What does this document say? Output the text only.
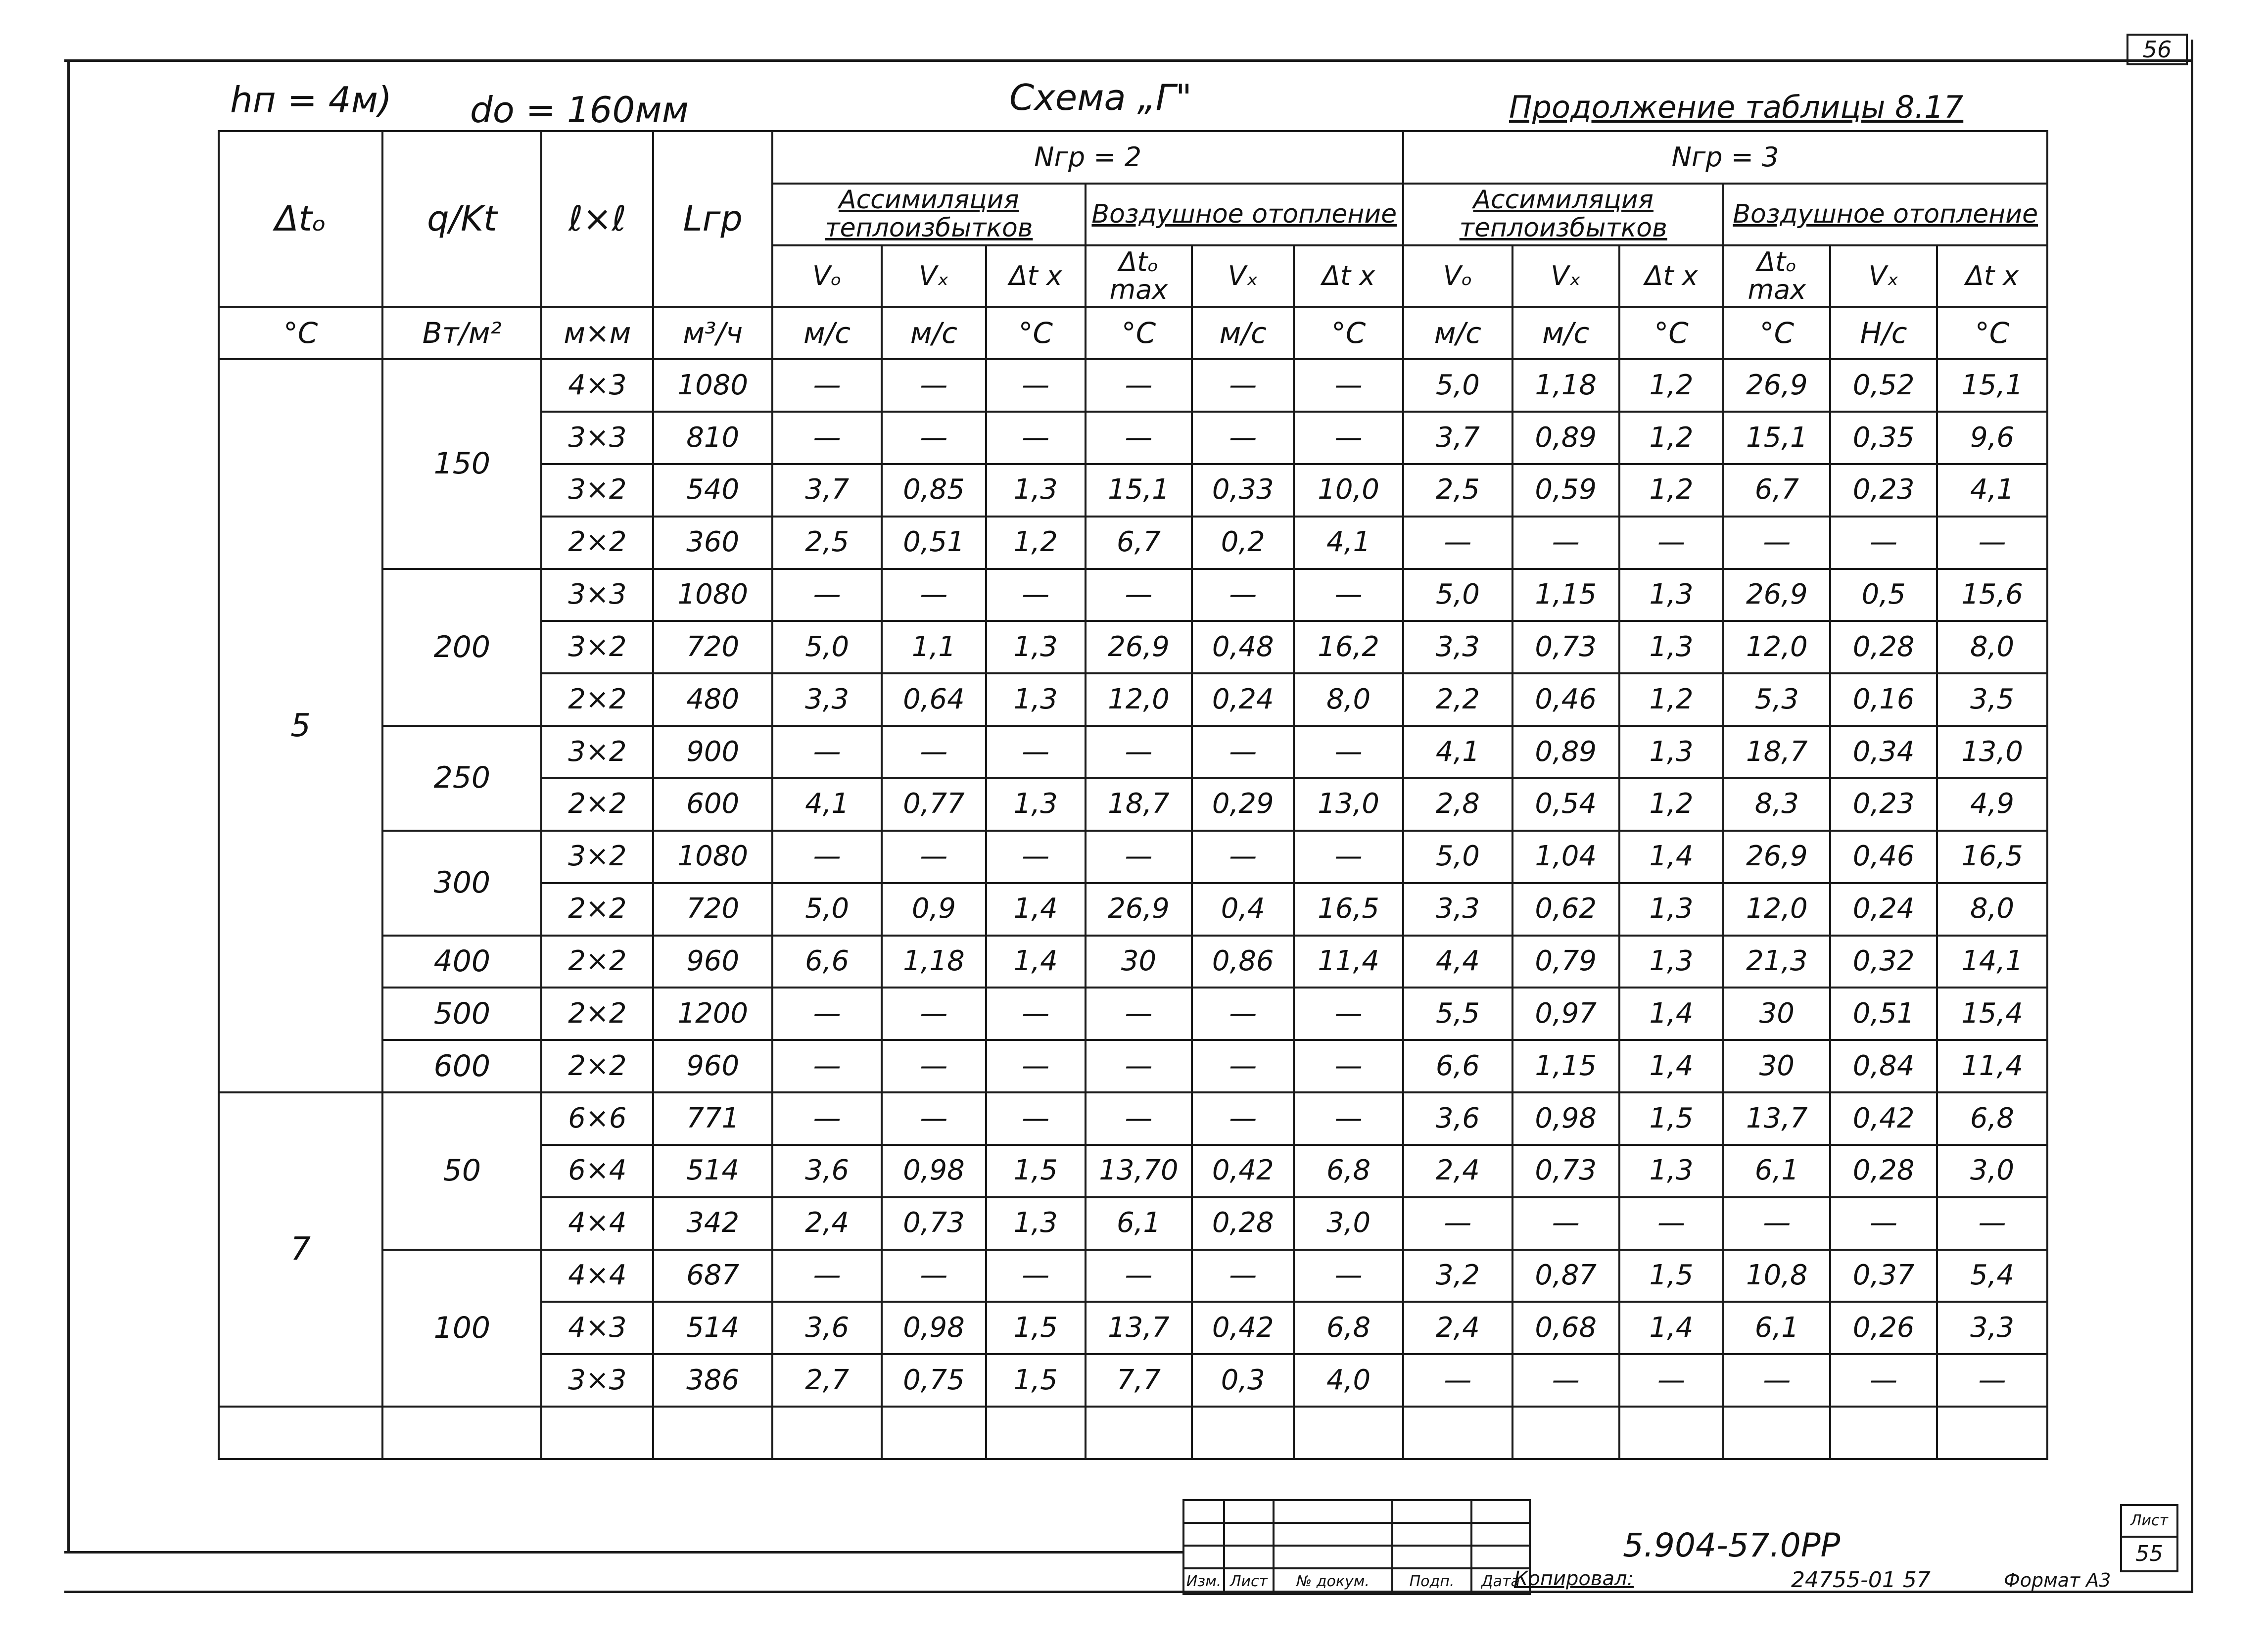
56
hп = 4м) do = 160мм	Схема „Г"	Продолжение таблицы 8.17
Δtₒ	q/Kt	ℓ×ℓ	Lгр	Nгр = 2						Nгр = 3					
				Ассимиляция теплоизбытков			Воздушное отопление			Ассимиляция теплоизбытков			Воздушное отопление		
				Vₒ	Vₓ	Δt x	Δtₒ max	Vₓ	Δt x	Vₒ	Vₓ	Δt x	Δtₒ max	Vₓ	Δt x
°C	Вт/м²	м×м	м³/ч	м/с	м/с	°C	°C	м/с	°C	м/с	м/с	°C	°C	Н/с	°C
5	150	4×3	1080	—	—	—	—	—	—	5,0	1,18	1,2	26,9	0,52	15,1
		3×3	810	—	—	—	—	—	—	3,7	0,89	1,2	15,1	0,35	9,6
		3×2	540	3,7	0,85	1,3	15,1	0,33	10,0	2,5	0,59	1,2	6,7	0,23	4,1
		2×2	360	2,5	0,51	1,2	6,7	0,2	4,1	—	—	—	—	—	—
	200	3×3	1080	—	—	—	—	—	—	5,0	1,15	1,3	26,9	0,5	15,6
		3×2	720	5,0	1,1	1,3	26,9	0,48	16,2	3,3	0,73	1,3	12,0	0,28	8,0
		2×2	480	3,3	0,64	1,3	12,0	0,24	8,0	2,2	0,46	1,2	5,3	0,16	3,5
	250	3×2	900	—	—	—	—	—	—	4,1	0,89	1,3	18,7	0,34	13,0
		2×2	600	4,1	0,77	1,3	18,7	0,29	13,0	2,8	0,54	1,2	8,3	0,23	4,9
	300	3×2	1080	—	—	—	—	—	—	5,0	1,04	1,4	26,9	0,46	16,5
		2×2	720	5,0	0,9	1,4	26,9	0,4	16,5	3,3	0,62	1,3	12,0	0,24	8,0
	400	2×2	960	6,6	1,18	1,4	30	0,86	11,4	4,4	0,79	1,3	21,3	0,32	14,1
	500	2×2	1200	—	—	—	—	—	—	5,5	0,97	1,4	30	0,51	15,4
	600	2×2	960	—	—	—	—	—	—	6,6	1,15	1,4	30	0,84	11,4
7	50	6×6	771	—	—	—	—	—	—	3,6	0,98	1,5	13,7	0,42	6,8
		6×4	514	3,6	0,98	1,5	13,70	0,42	6,8	2,4	0,73	1,3	6,1	0,28	3,0
		4×4	342	2,4	0,73	1,3	6,1	0,28	3,0	—	—	—	—	—	—
	100	4×4	687	—	—	—	—	—	—	3,2	0,87	1,5	10,8	0,37	5,4
		4×3	514	3,6	0,98	1,5	13,7	0,42	6,8	2,4	0,68	1,4	6,1	0,26	3,3
		3×3	386	2,7	0,75	1,5	7,7	0,3	4,0	—	—	—	—	—	—

Изм.	Лист	№ докум.	Подп.	Дата
5.904-57.0PP
Лист
55
Копировал:	24755-01 57	Формат А3
